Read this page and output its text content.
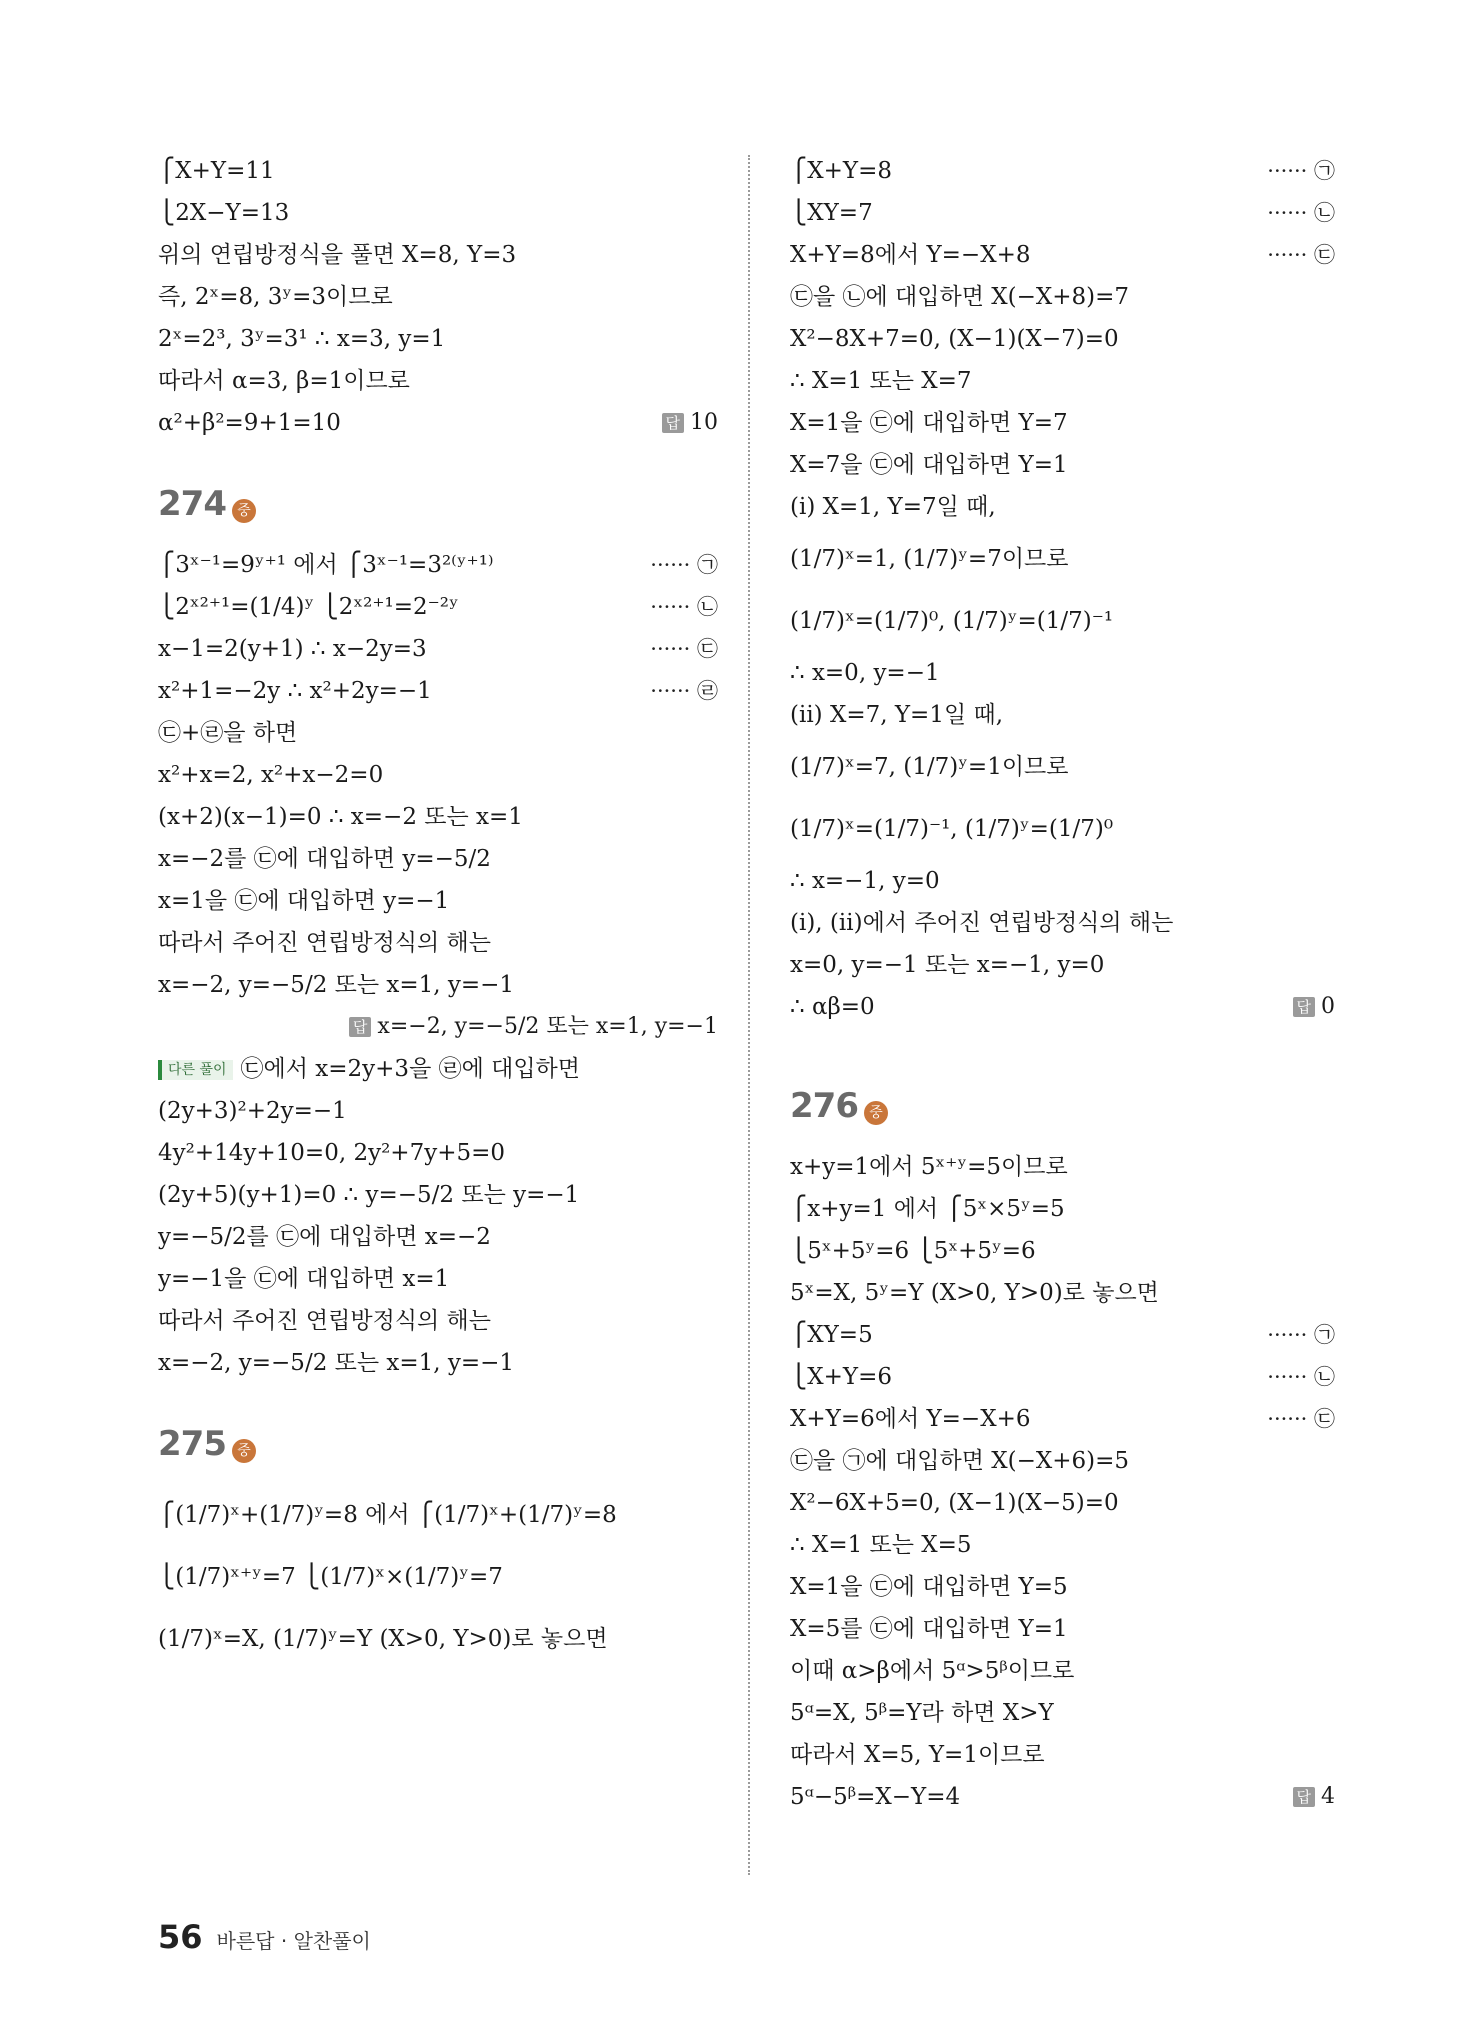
⎧X+Y=11
⎩2X−Y=13
위의 연립방정식을 풀면 X=8, Y=3
즉, 2ˣ=8, 3ʸ=3이므로
2ˣ=2³, 3ʸ=3¹ ∴ x=3, y=1
따라서 α=3, β=1이므로
α²+β²=9+1=10	답 10
274 중
⎧3ˣ⁻¹=9ʸ⁺¹ 에서 ⎧3ˣ⁻¹=3²⁽ʸ⁺¹⁾	······ ㉠
⎩2ˣ²⁺¹=(1/4)ʸ ⎩2ˣ²⁺¹=2⁻²ʸ	······ ㉡
x−1=2(y+1) ∴ x−2y=3	······ ㉢
x²+1=−2y ∴ x²+2y=−1	······ ㉣
㉢+㉣을 하면
x²+x=2, x²+x−2=0
(x+2)(x−1)=0 ∴ x=−2 또는 x=1
x=−2를 ㉢에 대입하면 y=−5/2
x=1을 ㉢에 대입하면 y=−1
따라서 주어진 연립방정식의 해는
x=−2, y=−5/2 또는 x=1, y=−1
답 x=−2, y=−5/2 또는 x=1, y=−1
다른 풀이 ㉢에서 x=2y+3을 ㉣에 대입하면
(2y+3)²+2y=−1
4y²+14y+10=0, 2y²+7y+5=0
(2y+5)(y+1)=0 ∴ y=−5/2 또는 y=−1
y=−5/2를 ㉢에 대입하면 x=−2
y=−1을 ㉢에 대입하면 x=1
따라서 주어진 연립방정식의 해는
x=−2, y=−5/2 또는 x=1, y=−1
275 중
⎧(1/7)ˣ+(1/7)ʸ=8 에서 ⎧(1/7)ˣ+(1/7)ʸ=8
⎩(1/7)ˣ⁺ʸ=7 ⎩(1/7)ˣ×(1/7)ʸ=7
(1/7)ˣ=X, (1/7)ʸ=Y (X>0, Y>0)로 놓으면
⎧X+Y=8	······ ㉠
⎩XY=7	······ ㉡
X+Y=8에서 Y=−X+8	······ ㉢
㉢을 ㉡에 대입하면 X(−X+8)=7
X²−8X+7=0, (X−1)(X−7)=0
∴ X=1 또는 X=7
X=1을 ㉢에 대입하면 Y=7
X=7을 ㉢에 대입하면 Y=1
(ⅰ) X=1, Y=7일 때,
(1/7)ˣ=1, (1/7)ʸ=7이므로
(1/7)ˣ=(1/7)⁰, (1/7)ʸ=(1/7)⁻¹
∴ x=0, y=−1
(ⅱ) X=7, Y=1일 때,
(1/7)ˣ=7, (1/7)ʸ=1이므로
(1/7)ˣ=(1/7)⁻¹, (1/7)ʸ=(1/7)⁰
∴ x=−1, y=0
(ⅰ), (ⅱ)에서 주어진 연립방정식의 해는
x=0, y=−1 또는 x=−1, y=0
∴ αβ=0	답 0
276 중
x+y=1에서 5ˣ⁺ʸ=5이므로
⎧x+y=1 에서 ⎧5ˣ×5ʸ=5
⎩5ˣ+5ʸ=6 ⎩5ˣ+5ʸ=6
5ˣ=X, 5ʸ=Y (X>0, Y>0)로 놓으면
⎧XY=5	······ ㉠
⎩X+Y=6	······ ㉡
X+Y=6에서 Y=−X+6	······ ㉢
㉢을 ㉠에 대입하면 X(−X+6)=5
X²−6X+5=0, (X−1)(X−5)=0
∴ X=1 또는 X=5
X=1을 ㉢에 대입하면 Y=5
X=5를 ㉢에 대입하면 Y=1
이때 α>β에서 5ᵅ>5ᵝ이므로
5ᵅ=X, 5ᵝ=Y라 하면 X>Y
따라서 X=5, Y=1이므로
5ᵅ−5ᵝ=X−Y=4	답 4
56 바른답 · 알찬풀이
